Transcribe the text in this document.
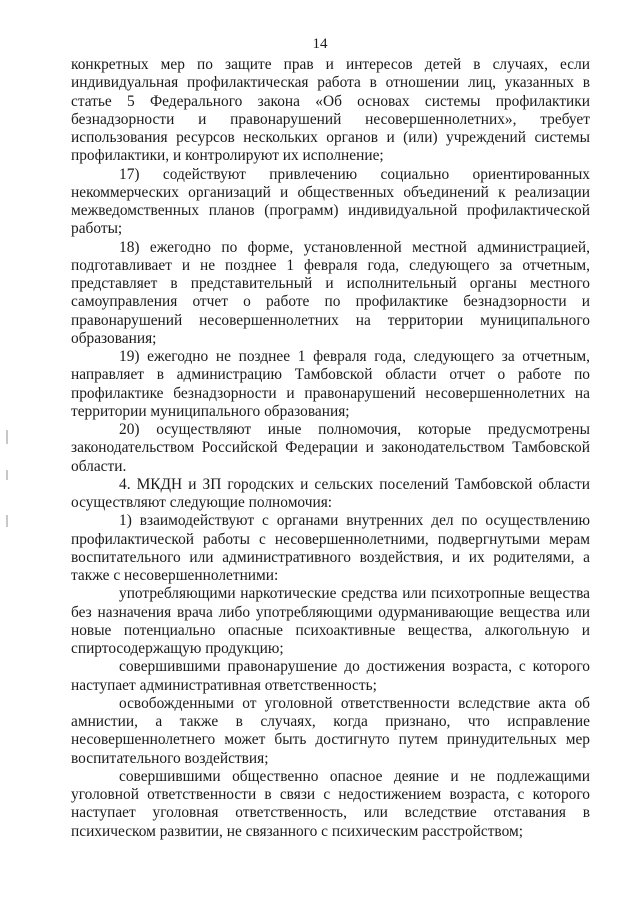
14

конкретных мер по защите прав и интересов детей в случаях, если индивидуальная профилактическая работа в отношении лиц, указанных в статье 5 Федерального закона «Об основах системы профилактики безнадзорности и правонарушений несовершеннолетних», требует использования ресурсов нескольких органов и (или) учреждений системы профилактики, и контролируют их исполнение;

17) содействуют привлечению социально ориентированных некоммерческих организаций и общественных объединений к реализации межведомственных планов (программ) индивидуальной профилактической работы;

18) ежегодно по форме, установленной местной администрацией, подготавливает и не позднее 1 февраля года, следующего за отчетным, представляет в представительный и исполнительный органы местного самоуправления отчет о работе по профилактике безнадзорности и правонарушений несовершеннолетних на территории муниципального образования;

19) ежегодно не позднее 1 февраля года, следующего за отчетным, направляет в администрацию Тамбовской области отчет о работе по профилактике безнадзорности и правонарушений несовершеннолетних на территории муниципального образования;

20) осуществляют иные полномочия, которые предусмотрены законодательством Российской Федерации и законодательством Тамбовской области.

4. МКДН и ЗП городских и сельских поселений Тамбовской области осуществляют следующие полномочия:

1) взаимодействуют с органами внутренних дел по осуществлению профилактической работы с несовершеннолетними, подвергнутыми мерам воспитательного или административного воздействия, и их родителями, а также с несовершеннолетними:

употребляющими наркотические средства или психотропные вещества без назначения врача либо употребляющими одурманивающие вещества или новые потенциально опасные психоактивные вещества, алкогольную и спиртосодержащую продукцию;

совершившими правонарушение до достижения возраста, с которого наступает административная ответственность;

освобожденными от уголовной ответственности вследствие акта об амнистии, а также в случаях, когда признано, что исправление несовершеннолетнего может быть достигнуто путем принудительных мер воспитательного воздействия;

совершившими общественно опасное деяние и не подлежащими уголовной ответственности в связи с недостижением возраста, с которого наступает уголовная ответственность, или вследствие отставания в психическом развитии, не связанного с психическим расстройством;
